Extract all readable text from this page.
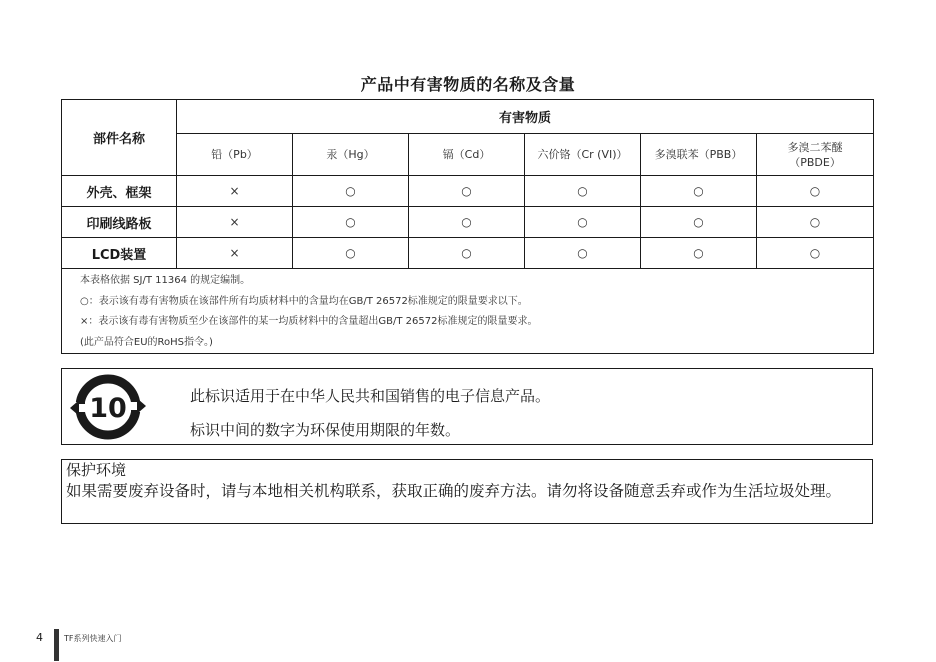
产品中有害物质的名称及含量
部件名称	有害物质					
	铅（Pb）	汞（Hg）	镉（Cd）	六价铬（Cr (VI)）	多溴联苯（PBB）	多溴二苯醚（PBDE）
外壳、框架	×	○	○	○	○	○
印刷线路板	×	○	○	○	○	○
LCD装置	×	○	○	○	○	○

本表格依据 SJ/T 11364 的规定编制。
○：表示该有毒有害物质在该部件所有均质材料中的含量均在GB/T 26572标准规定的限量要求以下。
×：表示该有毒有害物质至少在该部件的某一均质材料中的含量超出GB/T 26572标准规定的限量要求。
(此产品符合EU的RoHS指令。)						
10	此标识适用于在中华人民共和国销售的电子信息产品。
标识中间的数字为环保使用期限的年数。
保护环境
如果需要废弃设备时，请与本地相关机构联系，获取正确的废弃方法。请勿将设备随意丢弃或作为生活垃圾处理。
4	TF系列快速入门
